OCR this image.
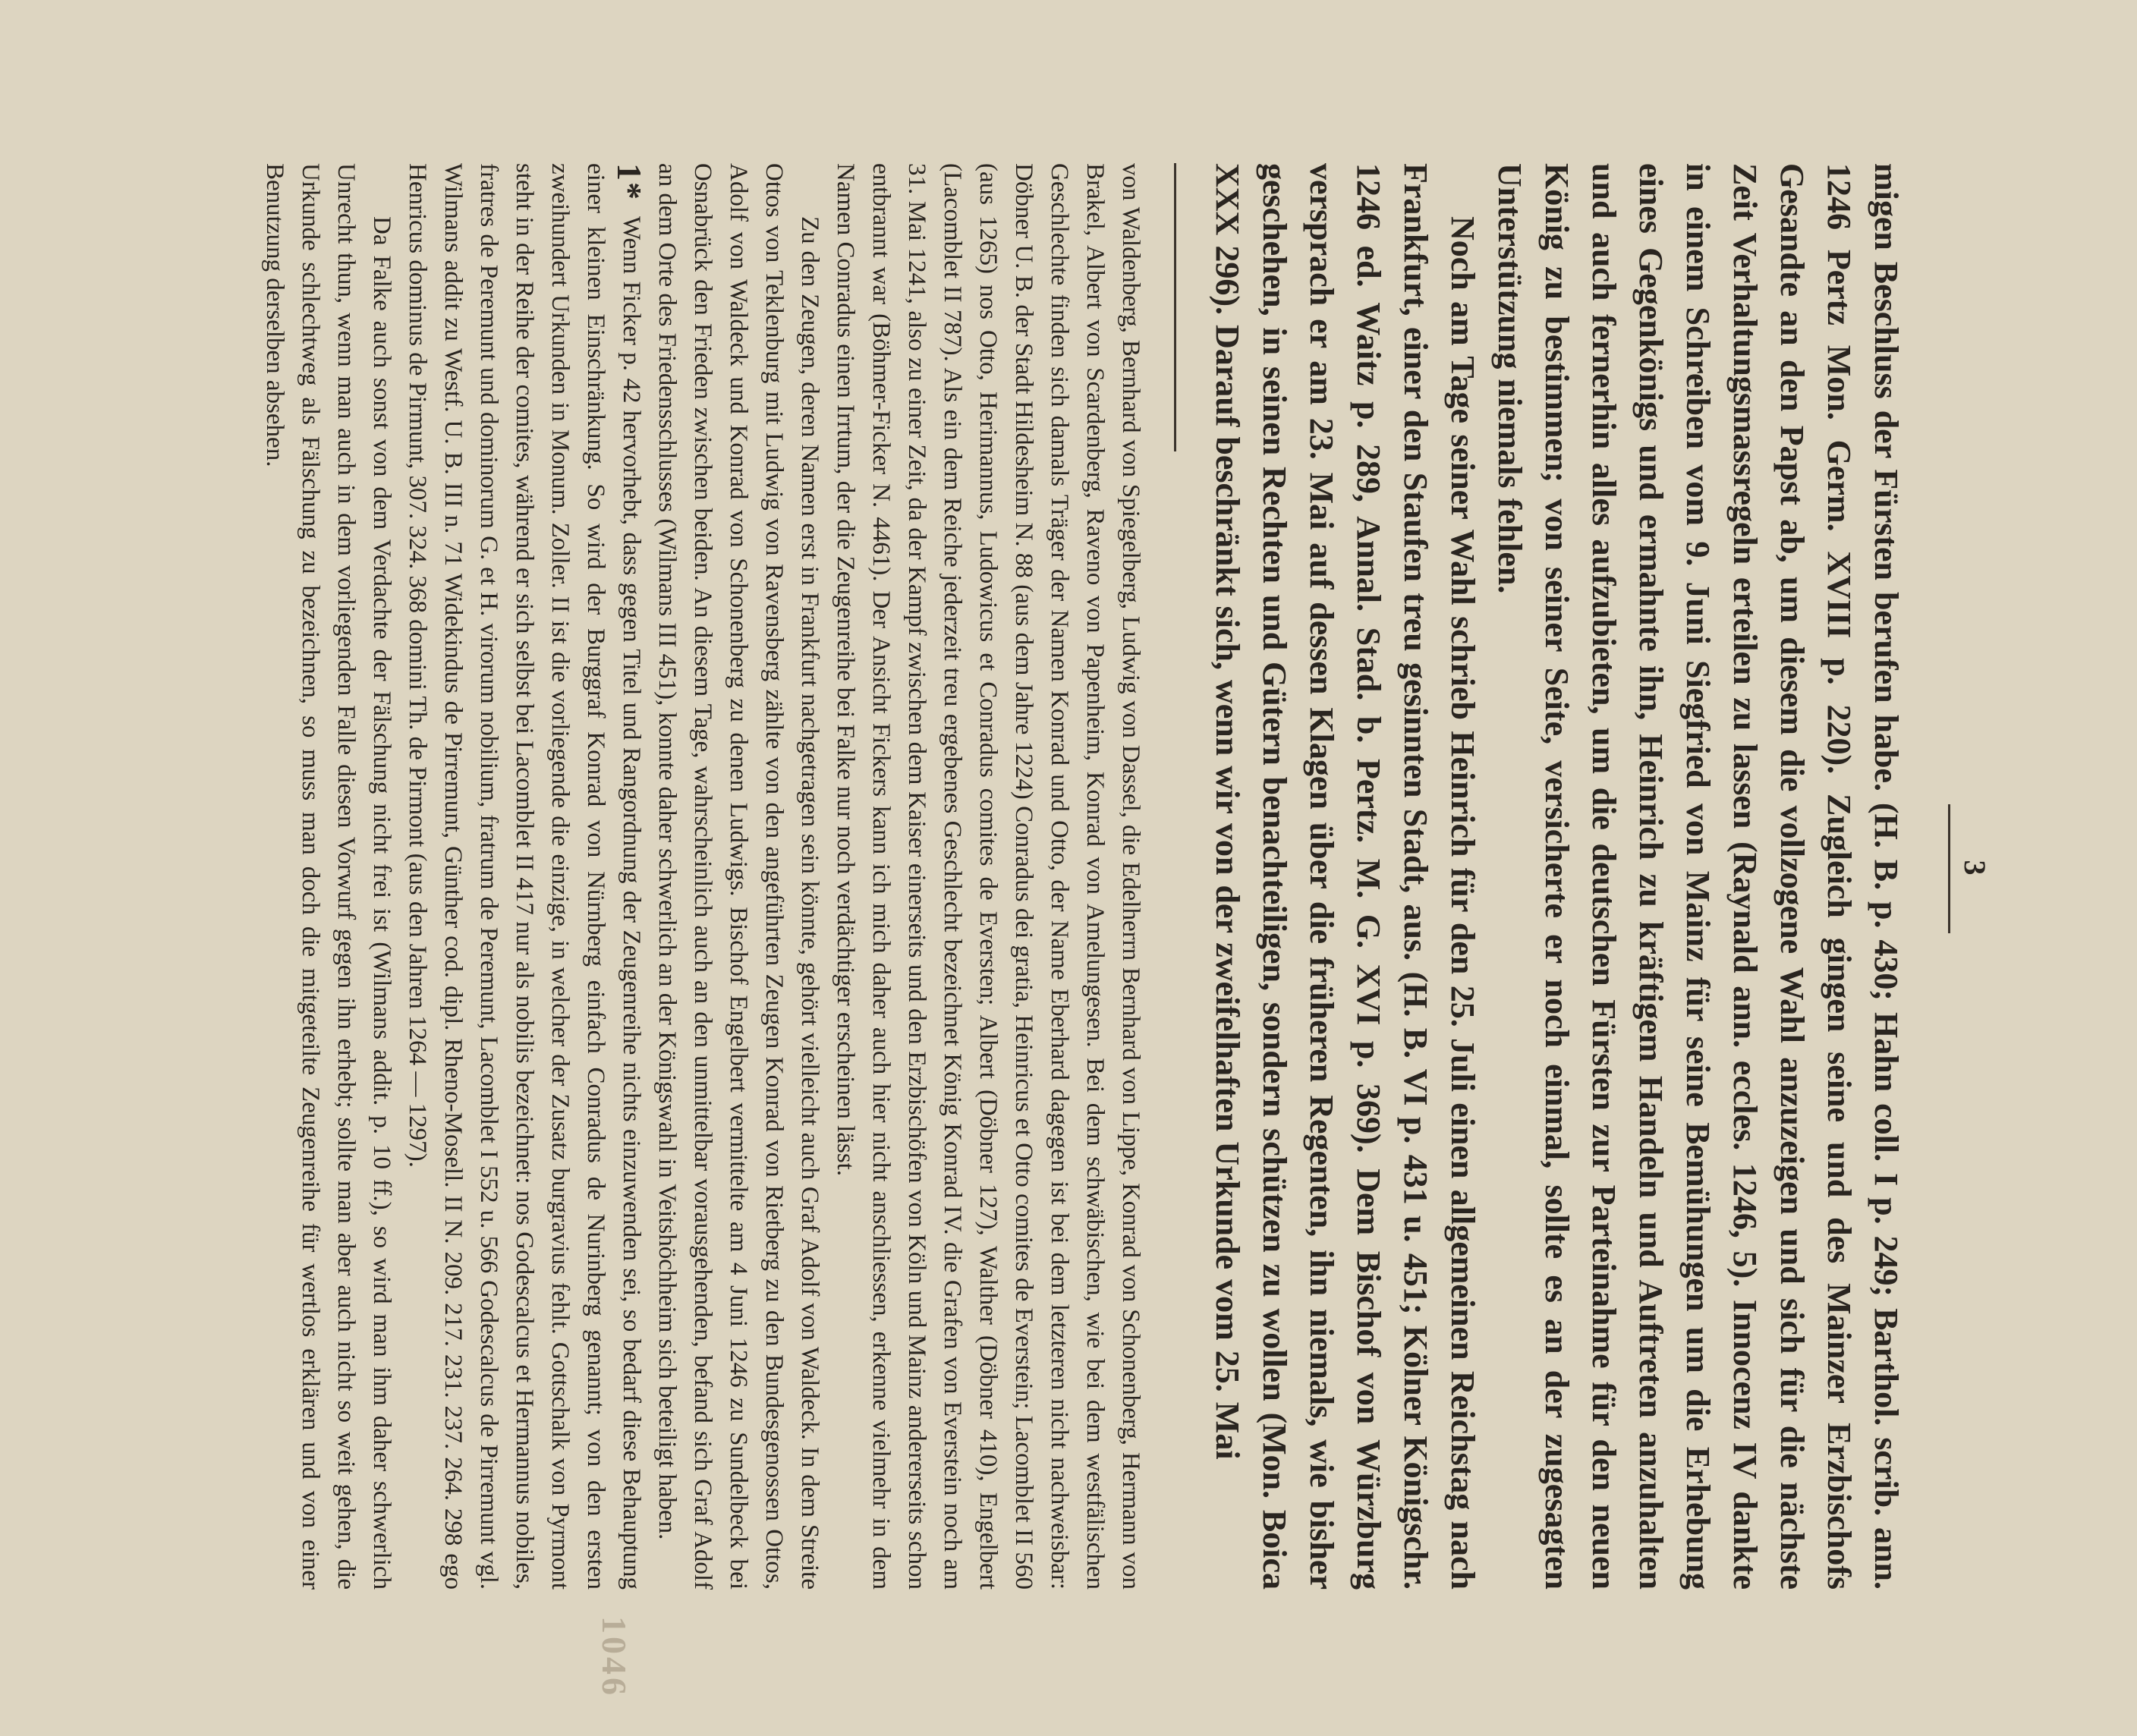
3

migen Beschluss der Fürsten berufen habe. (H. B. p. 430; Hahn coll. I p. 249; Barthol. scrib. ann. 1246 Pertz Mon. Germ. XVIII p. 220). Zugleich gingen seine und des Mainzer Erzbischofs Gesandte an den Papst ab, um diesem die vollzogene Wahl anzuzeigen und sich für die nächste Zeit Verhaltungsmassregeln erteilen zu lassen (Raynald ann. eccles. 1246, 5). Innocenz IV dankte in einem Schreiben vom 9. Juni Siegfried von Mainz für seine Bemühungen um die Erhebung eines Gegenkönigs und ermahnte ihn, Heinrich zu kräftigem Handeln und Auftreten anzuhalten und auch fernerhin alles aufzubieten, um die deutschen Fürsten zur Parteinahme für den neuen König zu bestimmen; von seiner Seite, versicherte er noch einmal, sollte es an der zugesagten Unterstützung niemals fehlen.

Noch am Tage seiner Wahl schrieb Heinrich für den 25. Juli einen allgemeinen Reichstag nach Frankfurt, einer den Staufen treu gesinnten Stadt, aus. (H. B. VI p. 431 u. 451; Kölner Königschr. 1246 ed. Waitz p. 289, Annal. Stad. b. Pertz. M. G. XVI p. 369). Dem Bischof von Würzburg versprach er am 23. Mai auf dessen Klagen über die früheren Regenten, ihn niemals, wie bisher geschehen, in seinen Rechten und Gütern benachteiligen, sondern schützen zu wollen (Mon. Boica XXX 296). Darauf beschränkt sich, wenn wir von der zweifelhaften Urkunde vom 25. Mai

von Waldenberg, Bernhard von Spiegelberg, Ludwig von Dassel, die Edelherrn Bernhard von Lippe, Konrad von Schonenberg, Hermann von Brakel, Albert von Scardenberg, Raveno von Papenheim, Konrad von Amelungesen. Bei dem schwäbischen, wie bei dem westfälischen Geschlechte finden sich damals Träger der Namen Konrad und Otto, der Name Eberhard dagegen ist bei dem letzteren nicht nachweisbar: Döbner U. B. der Stadt Hildesheim N. 88 (aus dem Jahre 1224) Conradus dei gratia, Heinricus et Otto comites de Everstein; Lacomblet II 560 (aus 1265) nos Otto, Herimannus, Ludowicus et Conradus comites de Eversten; Albert (Döbner 127), Walther (Döbner 410), Engelbert (Lacomblet II 787). Als ein dem Reiche jederzeit treu ergebenes Geschlecht bezeichnet König Konrad IV. die Grafen von Everstein noch am 31. Mai 1241, also zu einer Zeit, da der Kampf zwischen dem Kaiser einerseits und den Erzbischöfen von Köln und Mainz andererseits schon entbrannt war (Böhmer-Ficker N. 4461). Der Ansicht Fickers kann ich mich daher auch hier nicht anschliessen, erkenne vielmehr in dem Namen Conradus einen Irrtum, der die Zeugenreihe bei Falke nur noch verdächtiger erscheinen lässt.

Zu den Zeugen, deren Namen erst in Frankfurt nachgetragen sein könnte, gehört vielleicht auch Graf Adolf von Waldeck. In dem Streite Ottos von Teklenburg mit Ludwig von Ravensberg zählte von den angeführten Zeugen Konrad von Rietberg zu den Bundesgenossen Ottos, Adolf von Waldeck und Konrad von Schonenberg zu denen Ludwigs. Bischof Engelbert vermittelte am 4 Juni 1246 zu Sundelbeck bei Osnabrück den Frieden zwischen beiden. An diesem Tage, wahrscheinlich auch an den unmittelbar vorausgehenden, befand sich Graf Adolf an dem Orte des Friedensschlusses (Wilmans III 451), konnte daher schwerlich an der Königswahl in Veitshöchheim sich beteiligt haben.

Wenn Ficker p. 42 hervorhebt, dass gegen Titel und Rangordnung der Zeugenreihe nichts einzuwenden sei, so bedarf diese Behauptung einer kleinen Einschränkung. So wird der Burggraf Konrad von Nürnberg einfach Conradus de Nurinberg genannt; von den ersten zweihundert Urkunden in Monum. Zoller. II ist die vorliegende die einzige, in welcher der Zusatz burgravius fehlt. Gottschalk von Pyrmont steht in der Reihe der comites, während er sich selbst bei Lacomblet II 417 nur als nobilis bezeichnet: nos Godescalcus et Hermannus nobiles, fratres de Peremunt und dominorum G. et H. virorum nobilium, fratrum de Peremunt, Lacomblet I 552 u. 566 Godescalcus de Pirremunt vgl. Wilmans addit zu Westf. U. B. III n. 71 Widekindus de Pirremunt, Günther cod. dipl. Rheno-Mosell. II N. 209. 217. 231. 237. 264. 298 ego Henricus dominus de Pirmunt, 307. 324. 368 domini Th. de Pirmont (aus den Jahren 1264 — 1297).

Da Falke auch sonst von dem Verdachte der Fälschung nicht frei ist (Wilmans addit. p. 10 ff.), so wird man ihm daher schwerlich Unrecht thun, wenn man auch in dem vorliegenden Falle diesen Vorwurf gegen ihn erhebt; sollte man aber auch nicht so weit gehen, die Urkunde schlechtweg als Fälschung zu bezeichnen, so muss man doch die mitgeteilte Zeugenreihe für wertlos erklären und von einer Benutzung derselben absehen.	1*
1046
